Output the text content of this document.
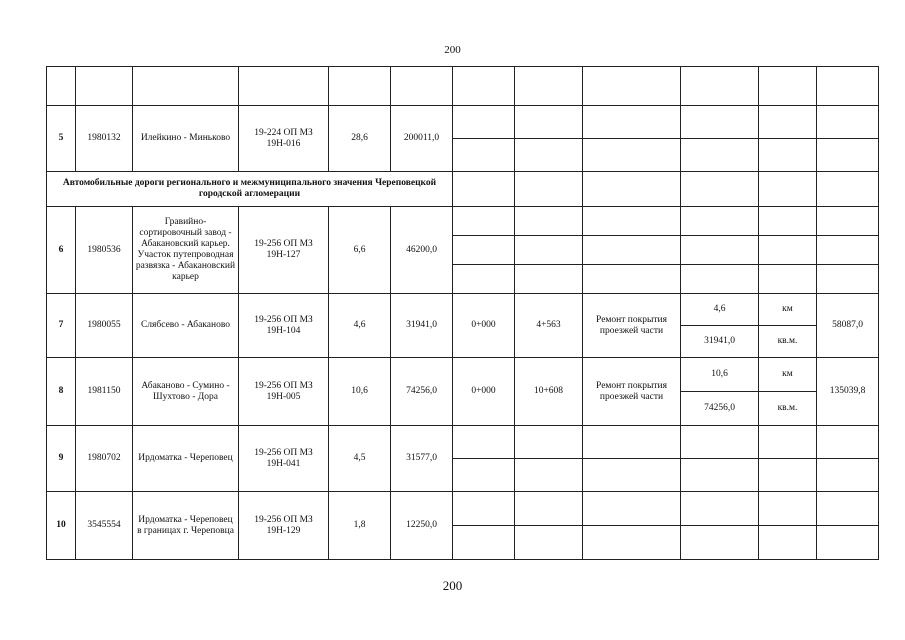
200

5	1980132	Илейкино - Миньково	19-224 ОП МЗ 19Н-016	28,6	200011,0						

Автомобильные дороги регионального и межмуниципального значения Череповецкой городской агломерации											
6	1980536	Гравийно-сортировочный завод - Абакановский карьер. Участок путепроводная развязка - Абакановский карьер	19-256 ОП МЗ 19Н-127	6,6	46200,0						

7	1980055	Слябсево - Абаканово	19-256 ОП МЗ 19Н-104	4,6	31941,0	0+000	4+563	Ремонт покрытия проезжей части	4,6	км	58087,0
									31941,0	кв.м.	
8	1981150	Абаканово - Сумино - Шухтово - Дора	19-256 ОП МЗ 19Н-005	10,6	74256,0	0+000	10+608	Ремонт покрытия проезжей части	10,6	км	135039,8
									74256,0	кв.м.	
9	1980702	Ирдоматка - Череповец	19-256 ОП МЗ 19Н-041	4,5	31577,0						

10	3545554	Ирдоматка - Череповец в границах г. Череповца	19-256 ОП МЗ 19Н-129	1,8	12250,0						

200
